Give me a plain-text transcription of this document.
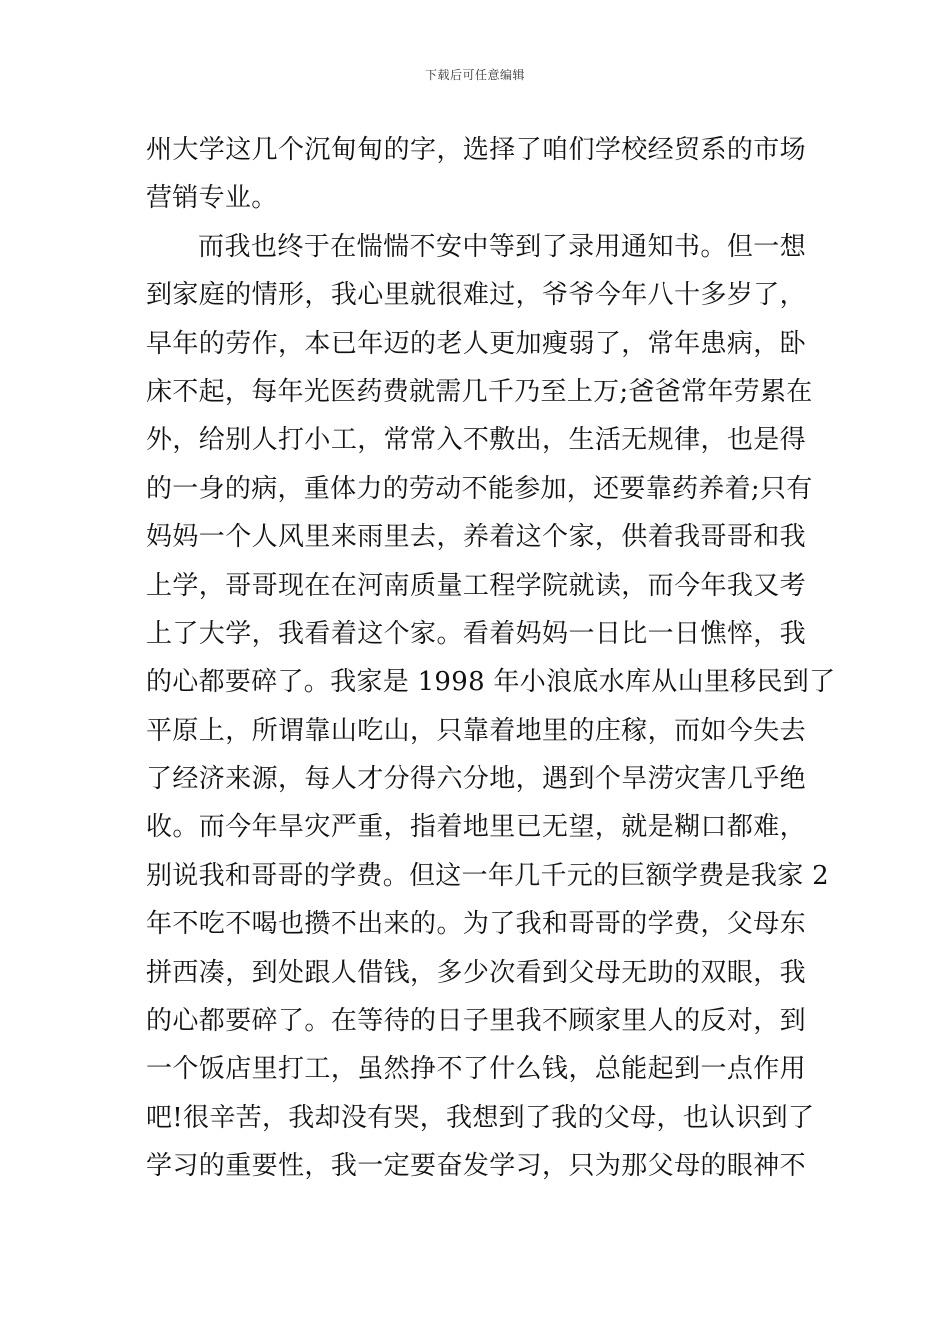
下载后可任意编辑
州大学这几个沉甸甸的字，选择了咱们学校经贸系的市场
营销专业。
而我也终于在惴惴不安中等到了录用通知书。但一想
到家庭的情形，我心里就很难过，爷爷今年八十多岁了，
早年的劳作，本已年迈的老人更加瘦弱了，常年患病，卧
床不起，每年光医药费就需几千乃至上万;爸爸常年劳累在
外，给别人打小工，常常入不敷出，生活无规律，也是得
的一身的病，重体力的劳动不能参加，还要靠药养着;只有
妈妈一个人风里来雨里去，养着这个家，供着我哥哥和我
上学，哥哥现在在河南质量工程学院就读，而今年我又考
上了大学，我看着这个家。看着妈妈一日比一日憔悴，我
的心都要碎了。我家是 1998 年小浪底水库从山里移民到了
平原上，所谓靠山吃山，只靠着地里的庄稼，而如今失去
了经济来源，每人才分得六分地，遇到个旱涝灾害几乎绝
收。而今年旱灾严重，指着地里已无望，就是糊口都难，
别说我和哥哥的学费。但这一年几千元的巨额学费是我家 2
年不吃不喝也攒不出来的。为了我和哥哥的学费，父母东
拼西凑，到处跟人借钱，多少次看到父母无助的双眼，我
的心都要碎了。在等待的日子里我不顾家里人的反对，到
一个饭店里打工，虽然挣不了什么钱，总能起到一点作用
吧!很辛苦，我却没有哭，我想到了我的父母，也认识到了
学习的重要性，我一定要奋发学习，只为那父母的眼神不
